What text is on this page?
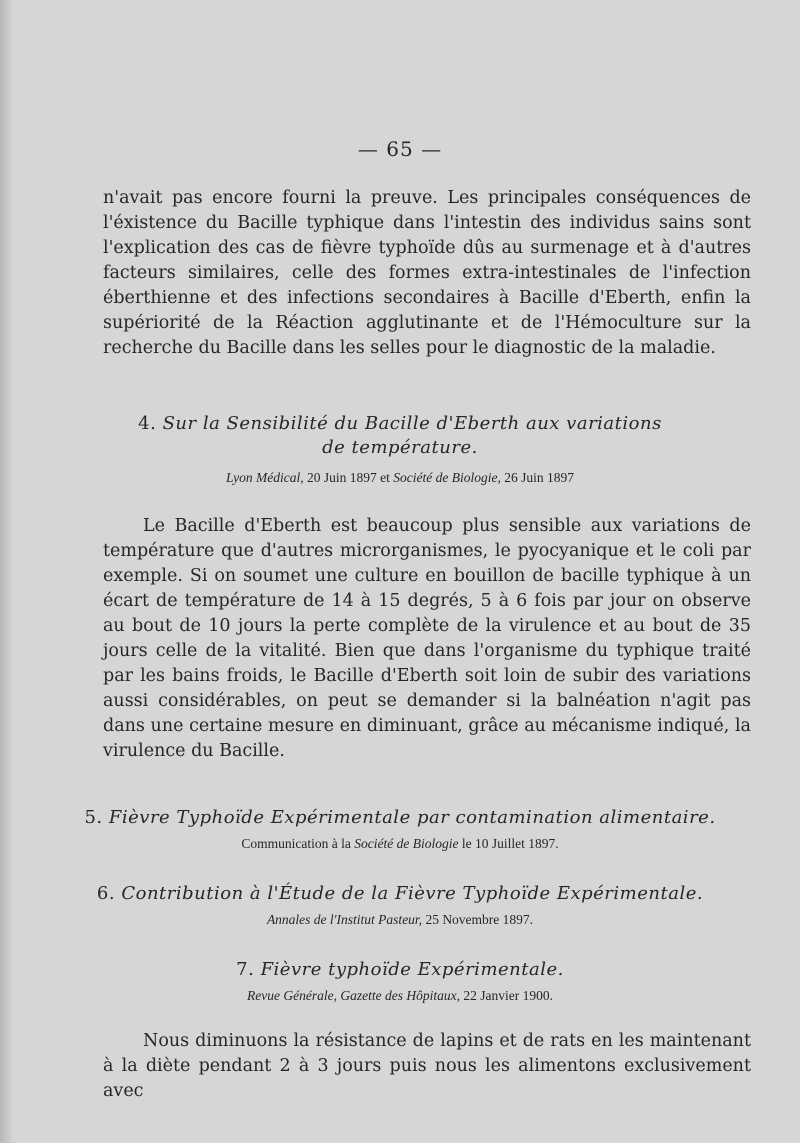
— 65 —

n'avait pas encore fourni la preuve. Les principales conséquences de l'éxistence du Bacille typhique dans l'intestin des individus sains sont l'explication des cas de fièvre typhoïde dûs au surmenage et à d'autres facteurs similaires, celle des formes extra-intestinales de l'infection éberthienne et des infections secondaires à Bacille d'Eberth, enfin la supériorité de la Réaction agglutinante et de l'Hémoculture sur la recherche du Bacille dans les selles pour le diagnostic de la maladie.

4. Sur la Sensibilité du Bacille d'Eberth aux variations
de température.
Lyon Médical, 20 Juin 1897 et Société de Biologie, 26 Juin 1897

Le Bacille d'Eberth est beaucoup plus sensible aux variations de température que d'autres microrganismes, le pyocyanique et le coli par exemple. Si on soumet une culture en bouillon de bacille typhique à un écart de température de 14 à 15 degrés, 5 à 6 fois par jour on observe au bout de 10 jours la perte complète de la virulence et au bout de 35 jours celle de la vitalité. Bien que dans l'organisme du typhique traité par les bains froids, le Bacille d'Eberth soit loin de subir des variations aussi considérables, on peut se demander si la balnéation n'agit pas dans une certaine mesure en diminuant, grâce au mécanisme indiqué, la virulence du Bacille.

5. Fièvre Typhoïde Expérimentale par contamination alimentaire.
Communication à la Société de Biologie le 10 Juillet 1897.
6. Contribution à l'Étude de la Fièvre Typhoïde Expérimentale.
Annales de l'Institut Pasteur, 25 Novembre 1897.
7. Fièvre typhoïde Expérimentale.
Revue Générale, Gazette des Hôpitaux, 22 Janvier 1900.

Nous diminuons la résistance de lapins et de rats en les maintenant à la diète pendant 2 à 3 jours puis nous les alimentons exclusivement avec
